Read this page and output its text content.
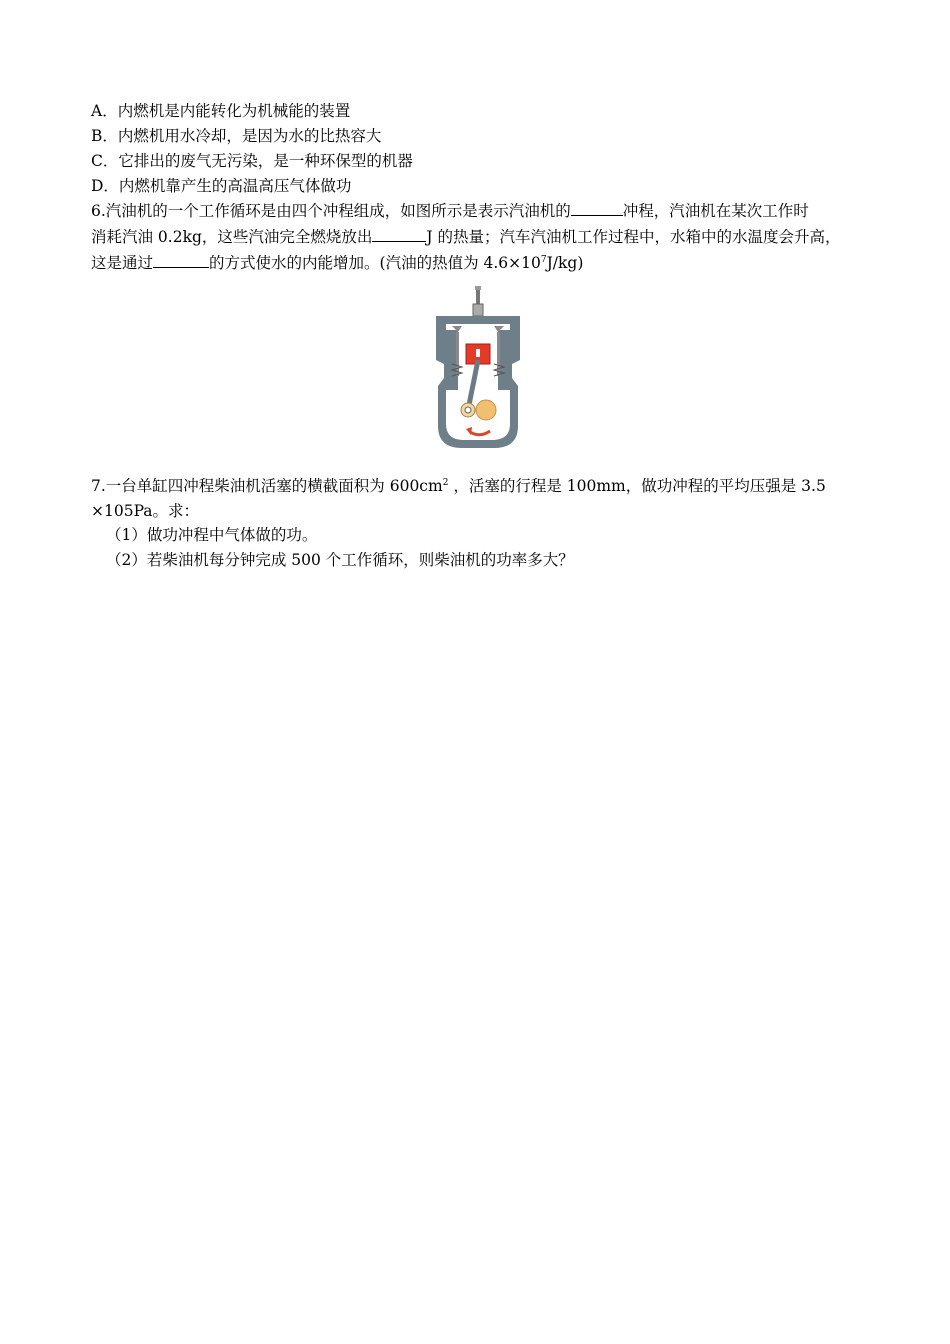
A．内燃机是内能转化为机械能的装置
B．内燃机用水冷却，是因为水的比热容大
C．它排出的废气无污染，是一种环保型的机器
D．内燃机靠产生的高温高压气体做功
6.汽油机的一个工作循环是由四个冲程组成，如图所示是表示汽油机的	冲程，汽油机在某次工作时
消耗汽油 0.2kg，这些汽油完全燃烧放出	J 的热量；汽车汽油机工作过程中，水箱中的水温度会升高，
这是通过	的方式使水的内能增加。(汽油的热值为 $4.6\times 10^7J/kg$)
7.一台单缸四冲程柴油机活塞的横截面积为 $600cm^2$ ，活塞的行程是 100mm，做功冲程的平均压强是 3.5
×105Pa。求：
（1）做功冲程中气体做的功。
（2）若柴油机每分钟完成 500 个工作循环，则柴油机的功率多大？
